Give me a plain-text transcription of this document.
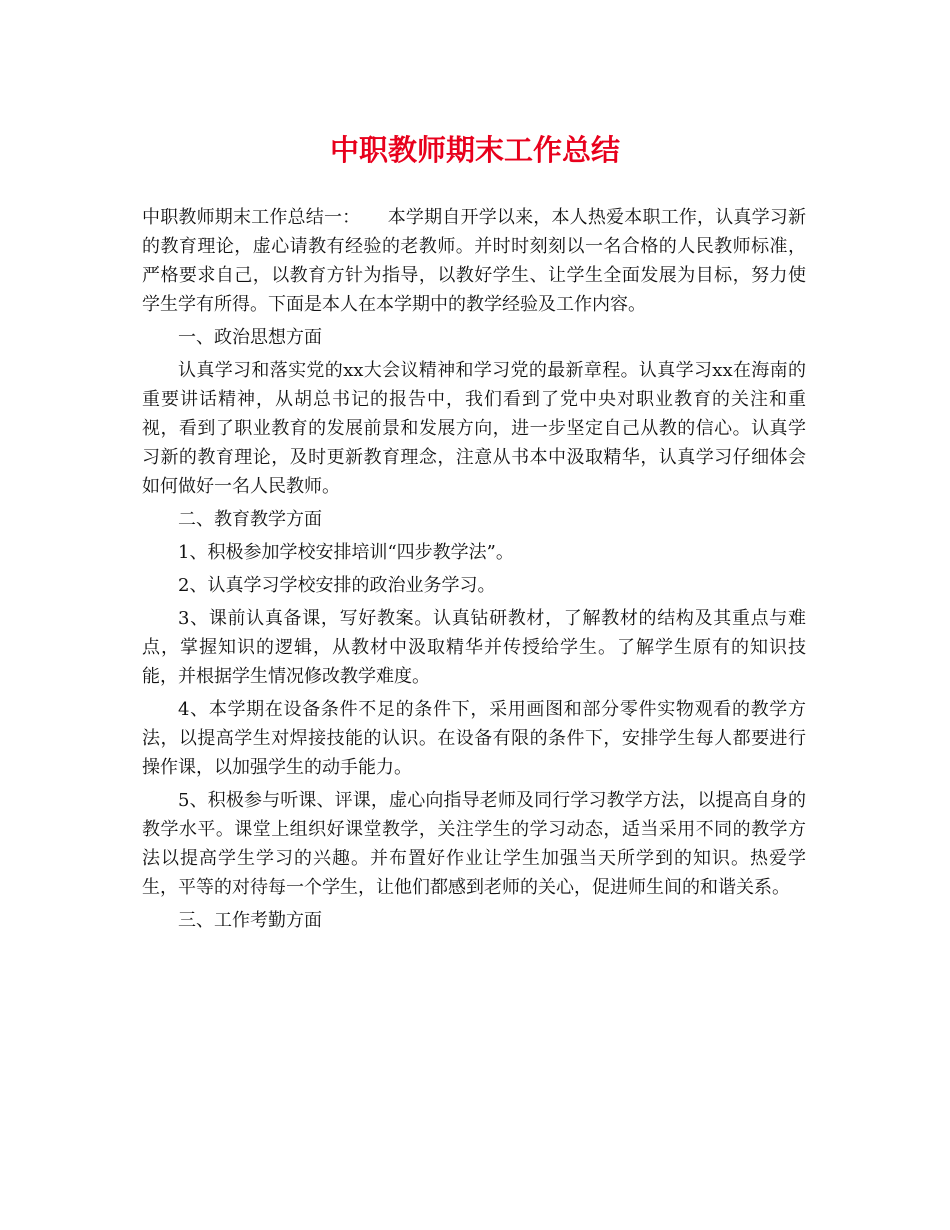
中职教师期末工作总结

中职教师期末工作总结一：　　本学期自开学以来，本人热爱本职工作，认真学习新的教育理论，虚心请教有经验的老教师。并时时刻刻以一名合格的人民教师标准，严格要求自己，以教育方针为指导，以教好学生、让学生全面发展为目标，努力使学生学有所得。下面是本人在本学期中的教学经验及工作内容。

一、政治思想方面

认真学习和落实党的xx大会议精神和学习党的最新章程。认真学习xx在海南的重要讲话精神，从胡总书记的报告中，我们看到了党中央对职业教育的关注和重视，看到了职业教育的发展前景和发展方向，进一步坚定自己从教的信心。认真学习新的教育理论，及时更新教育理念，注意从书本中汲取精华，认真学习仔细体会如何做好一名人民教师。

二、教育教学方面

1、积极参加学校安排培训“四步教学法”。

2、认真学习学校安排的政治业务学习。

3、课前认真备课，写好教案。认真钻研教材，了解教材的结构及其重点与难点，掌握知识的逻辑，从教材中汲取精华并传授给学生。了解学生原有的知识技能，并根据学生情况修改教学难度。

4、本学期在设备条件不足的条件下，采用画图和部分零件实物观看的教学方法，以提高学生对焊接技能的认识。在设备有限的条件下，安排学生每人都要进行操作课，以加强学生的动手能力。

5、积极参与听课、评课，虚心向指导老师及同行学习教学方法，以提高自身的教学水平。课堂上组织好课堂教学，关注学生的学习动态，适当采用不同的教学方法以提高学生学习的兴趣。并布置好作业让学生加强当天所学到的知识。热爱学生，平等的对待每一个学生，让他们都感到老师的关心，促进师生间的和谐关系。

三、工作考勤方面
